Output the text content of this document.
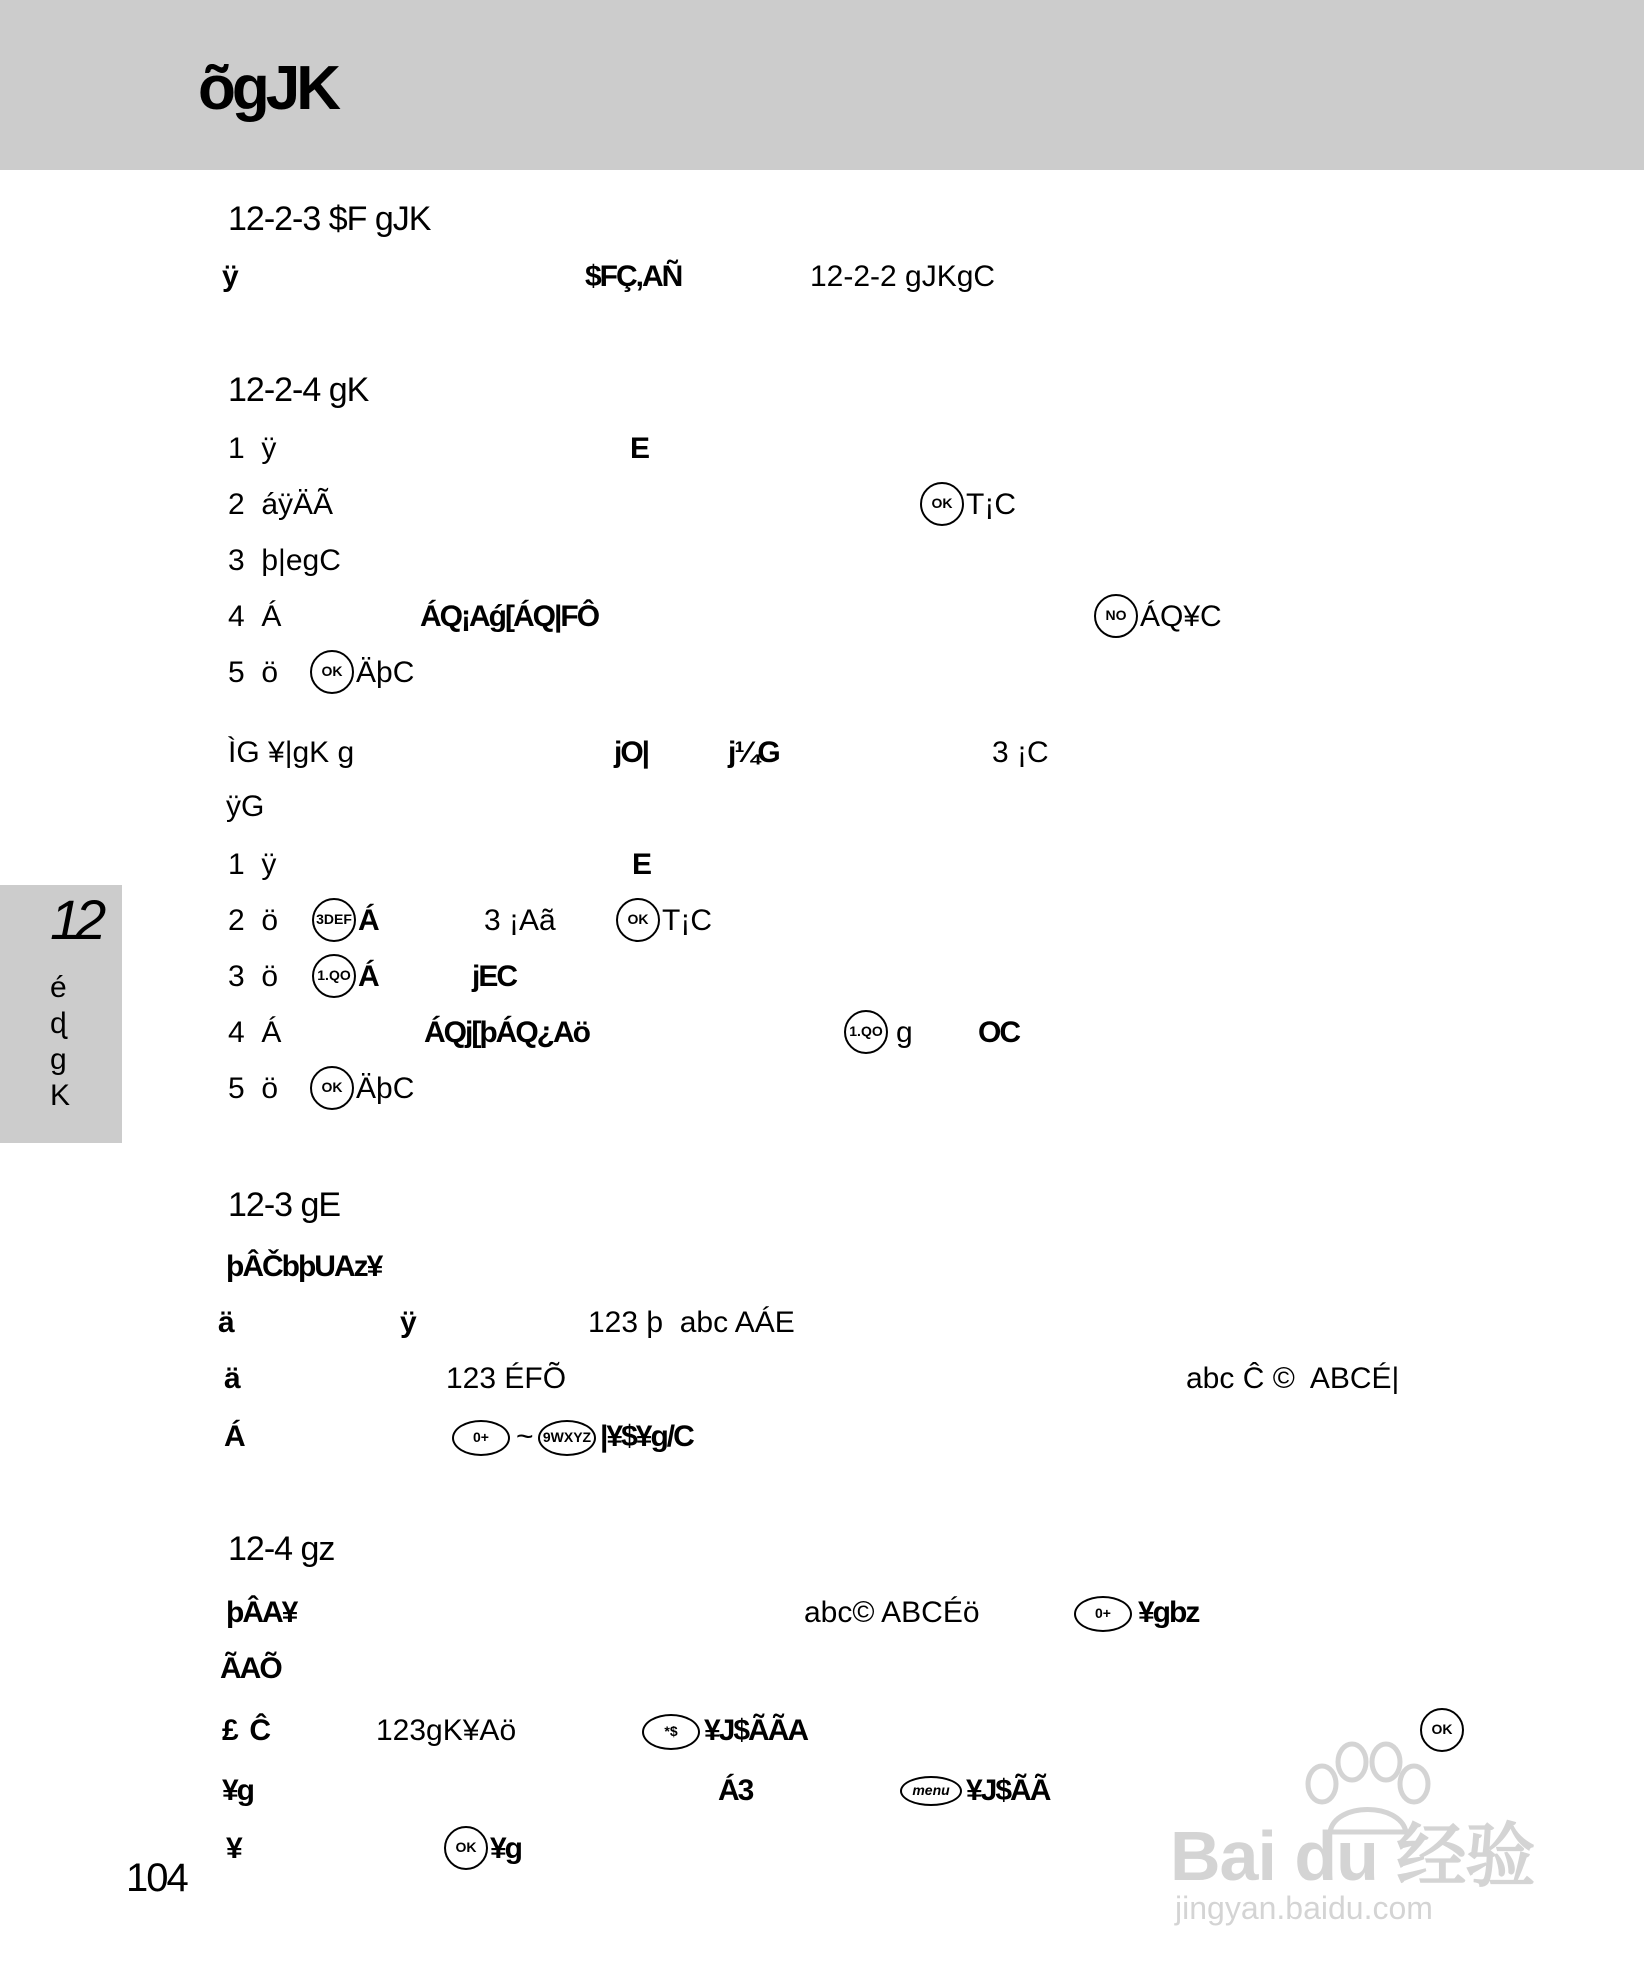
õ̃gJK
12
éɖgK
12-2-3 $F gJK
ÿ	$FÇ,AÑ	12-2-2 gJKgC
12-2-4 gK
1  ÿ	E
2  áÿÄÃ	OK T¡C
3  þ|egC
4  Á	ÁQ¡Aǵ[ÁQ|FÔ	NO ÁQ¥C
5  ö	OK ÄþC
ÌG ¥|gK g	jO|	j¼G	3 ¡C
ÿG
1  ÿ	E
2  ö	3DEF Á	3 ¡Aã	OK T¡C
3  ö	1.QO Á	jEC
4  Á	ÁQj[þÁQ¿Aö	1.QO g OC
5  ö	OK ÄþC
12-3 gE
þÂČbþUAz¥
ä	ÿ	123 þ  abc AÁE
ä	123 ÉFÕ	abc Ĉ ©  ABCÉ|
Á	0+ ~ 9WXYZ |¥$¥g/C
12-4 gz
þÂA¥	abc© ABCÉö	0+ ¥gbz
ÃAÕ
£  Ĉ	123gK¥Aö	*$ ¥J$ÃÃA	OK
¥g	Á3	menu ¥J$ÃÃ
¥	OK ¥g
104	Bai du 经验
jingyan.baidu.com
